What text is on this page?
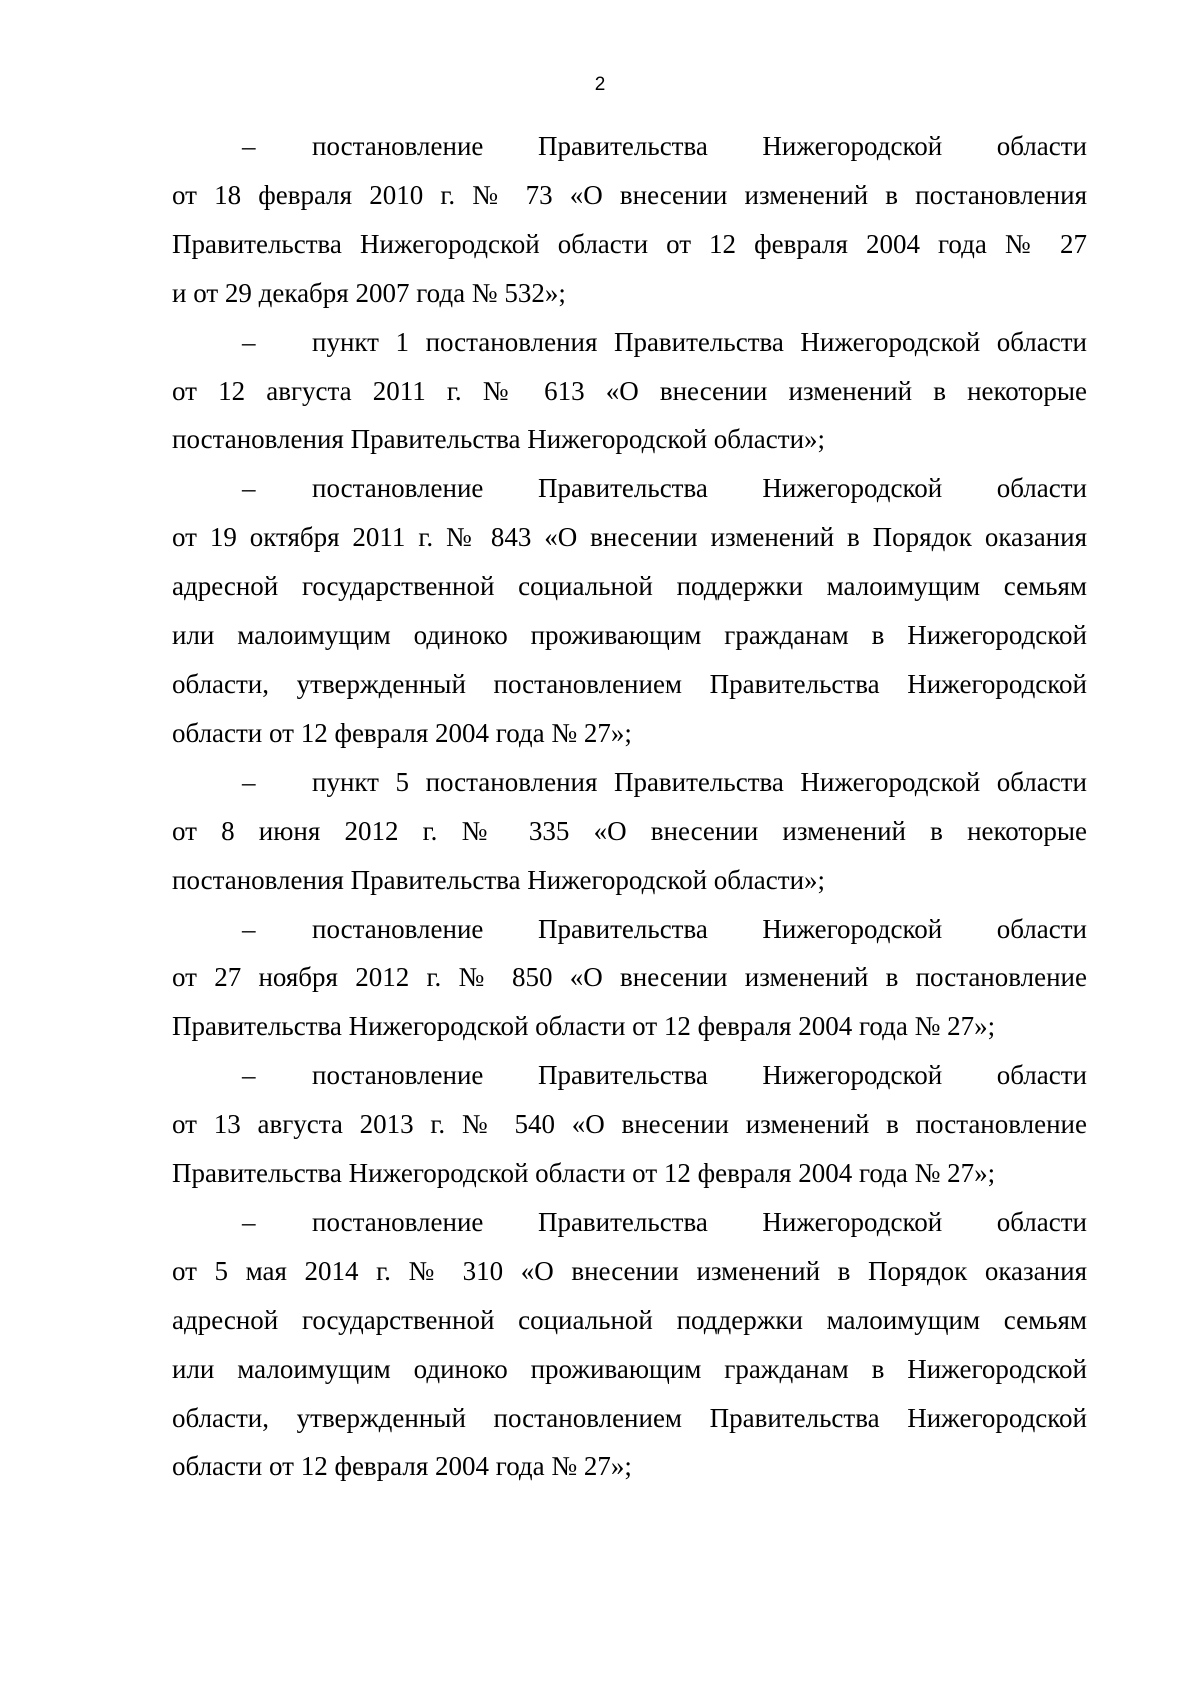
2
– постановление Правительства Нижегородской области
от 18 февраля 2010 г. № 73 «О внесении изменений в постановления
Правительства Нижегородской области от 12 февраля 2004 года № 27
и от 29 декабря 2007 года № 532»;
– пункт 1 постановления Правительства Нижегородской области
от 12 августа 2011 г. № 613 «О внесении изменений в некоторые
постановления Правительства Нижегородской области»;
– постановление Правительства Нижегородской области
от 19 октября 2011 г. № 843 «О внесении изменений в Порядок оказания
адресной государственной социальной поддержки малоимущим семьям
или малоимущим одиноко проживающим гражданам в Нижегородской
области, утвержденный постановлением Правительства Нижегородской
области от 12 февраля 2004 года № 27»;
– пункт 5 постановления Правительства Нижегородской области
от 8 июня 2012 г. № 335 «О внесении изменений в некоторые
постановления Правительства Нижегородской области»;
– постановление Правительства Нижегородской области
от 27 ноября 2012 г. № 850 «О внесении изменений в постановление
Правительства Нижегородской области от 12 февраля 2004 года № 27»;
– постановление Правительства Нижегородской области
от 13 августа 2013 г. № 540 «О внесении изменений в постановление
Правительства Нижегородской области от 12 февраля 2004 года № 27»;
– постановление Правительства Нижегородской области
от 5 мая 2014 г. № 310 «О внесении изменений в Порядок оказания
адресной государственной социальной поддержки малоимущим семьям
или малоимущим одиноко проживающим гражданам в Нижегородской
области, утвержденный постановлением Правительства Нижегородской
области от 12 февраля 2004 года № 27»;
